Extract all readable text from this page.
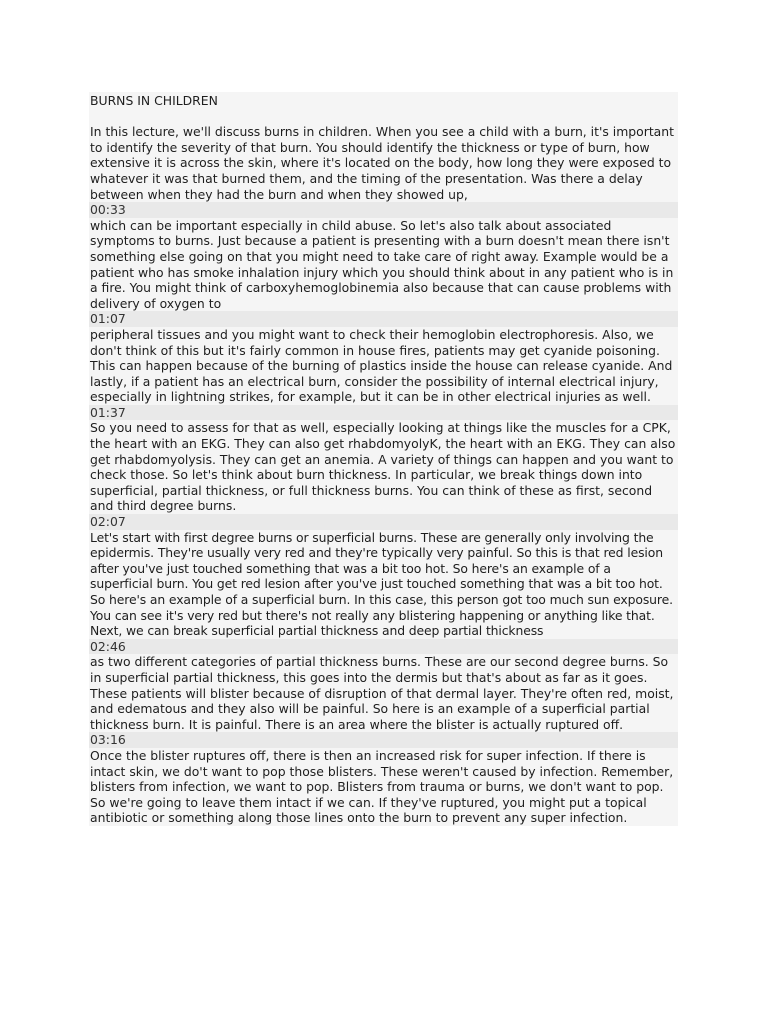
BURNS IN CHILDREN
In this lecture, we'll discuss burns in children. When you see a child with a burn, it's important to identify the severity of that burn. You should identify the thickness or type of burn, how extensive it is across the skin, where it's located on the body, how long they were exposed to whatever it was that burned them, and the timing of the presentation. Was there a delay between when they had the burn and when they showed up,
00:33
which can be important especially in child abuse. So let's also talk about associated symptoms to burns. Just because a patient is presenting with a burn doesn't mean there isn't something else going on that you might need to take care of right away. Example would be a patient who has smoke inhalation injury which you should think about in any patient who is in a fire. You might think of carboxyhemoglobinemia also because that can cause problems with delivery of oxygen to
01:07
peripheral tissues and you might want to check their hemoglobin electrophoresis. Also, we don't think of this but it's fairly common in house fires, patients may get cyanide poisoning. This can happen because of the burning of plastics inside the house can release cyanide. And lastly, if a patient has an electrical burn, consider the possibility of internal electrical injury, especially in lightning strikes, for example, but it can be in other electrical injuries as well.
01:37
So you need to assess for that as well, especially looking at things like the muscles for a CPK, the heart with an EKG. They can also get rhabdomyolyK, the heart with an EKG. They can also get rhabdomyolysis. They can get an anemia. A variety of things can happen and you want to check those. So let's think about burn thickness. In particular, we break things down into superficial, partial thickness, or full thickness burns. You can think of these as first, second and third degree burns.
02:07
Let's start with first degree burns or superficial burns. These are generally only involving the epidermis. They're usually very red and they're typically very painful. So this is that red lesion after you've just touched something that was a bit too hot. So here's an example of a superficial burn. You get red lesion after you've just touched something that was a bit too hot. So here's an example of a superficial burn. In this case, this person got too much sun exposure. You can see it's very red but there's not really any blistering happening or anything like that. Next, we can break superficial partial thickness and deep partial thickness
02:46
as two different categories of partial thickness burns. These are our second degree burns. So in superficial partial thickness, this goes into the dermis but that's about as far as it goes. These patients will blister because of disruption of that dermal layer. They're often red, moist, and edematous and they also will be painful. So here is an example of a superficial partial thickness burn. It is painful. There is an area where the blister is actually ruptured off.
03:16
Once the blister ruptures off, there is then an increased risk for super infection. If there is intact skin, we do't want to pop those blisters. These weren't caused by infection. Remember, blisters from infection, we want to pop. Blisters from trauma or burns, we don't want to pop. So we're going to leave them intact if we can. If they've ruptured, you might put a topical antibiotic or something along those lines onto the burn to prevent any super infection.
